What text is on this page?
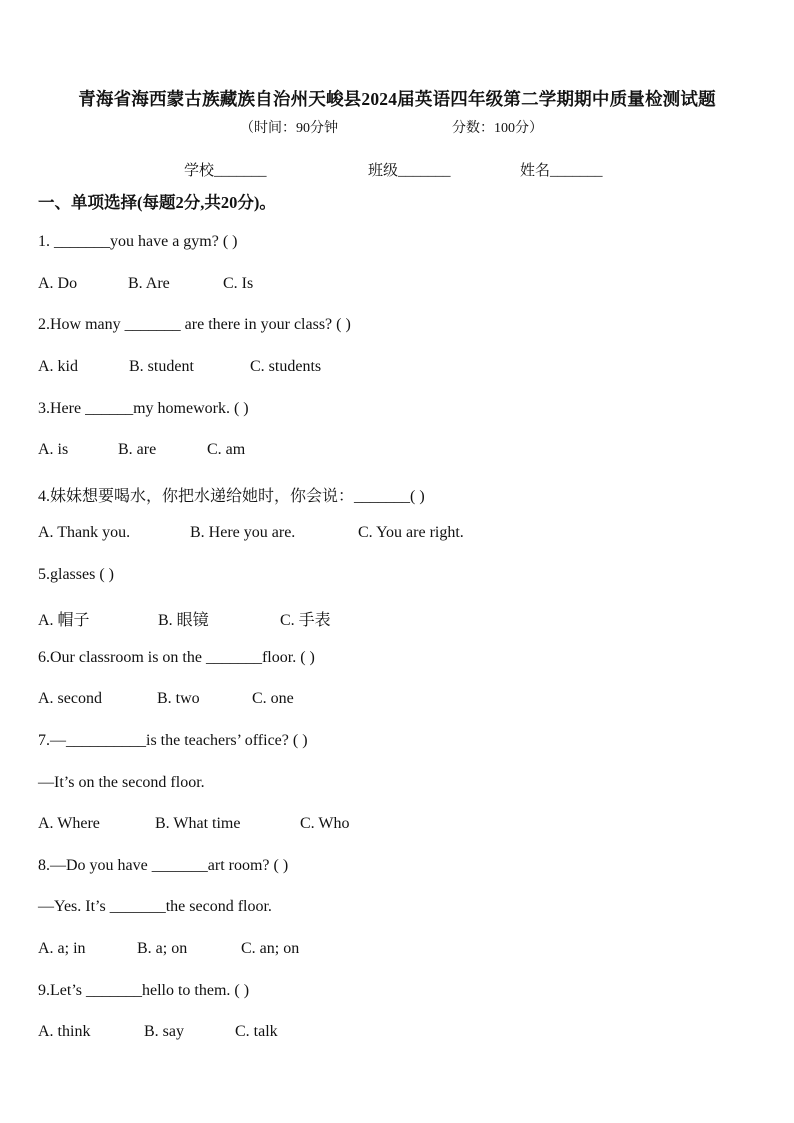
青海省海西蒙古族藏族自治州天峻县2024届英语四年级第二学期期中质量检测试题
（时间：90分钟	分数：100分）
学校_______	班级_______	姓名_______
一、单项选择(每题2分,共20分)。
1. _______you have a gym? ( )
A. Do	B. Are	C. Is
2.How many _______ are there in your class? ( )
A. kid	B. student	C. students
3.Here ______my homework. ( )
A. is	B. are	C. am
4.妹妹想要喝水，你把水递给她时，你会说：_______( )
A. Thank you.	B. Here you are.	C. You are right.
5.glasses ( )
A. 帽子	B. 眼镜	C. 手表
6.Our classroom is on the _______floor. ( )
A. second	B. two	C. one
7.—__________is the teachers’ office? ( )
—It’s on the second floor.
A. Where	B. What time	C. Who
8.—Do you have _______art room? ( )
—Yes. It’s _______the second floor.
A. a; in	B. a; on	C. an; on
9.Let’s _______hello to them. ( )
A. think	B. say	C. talk
